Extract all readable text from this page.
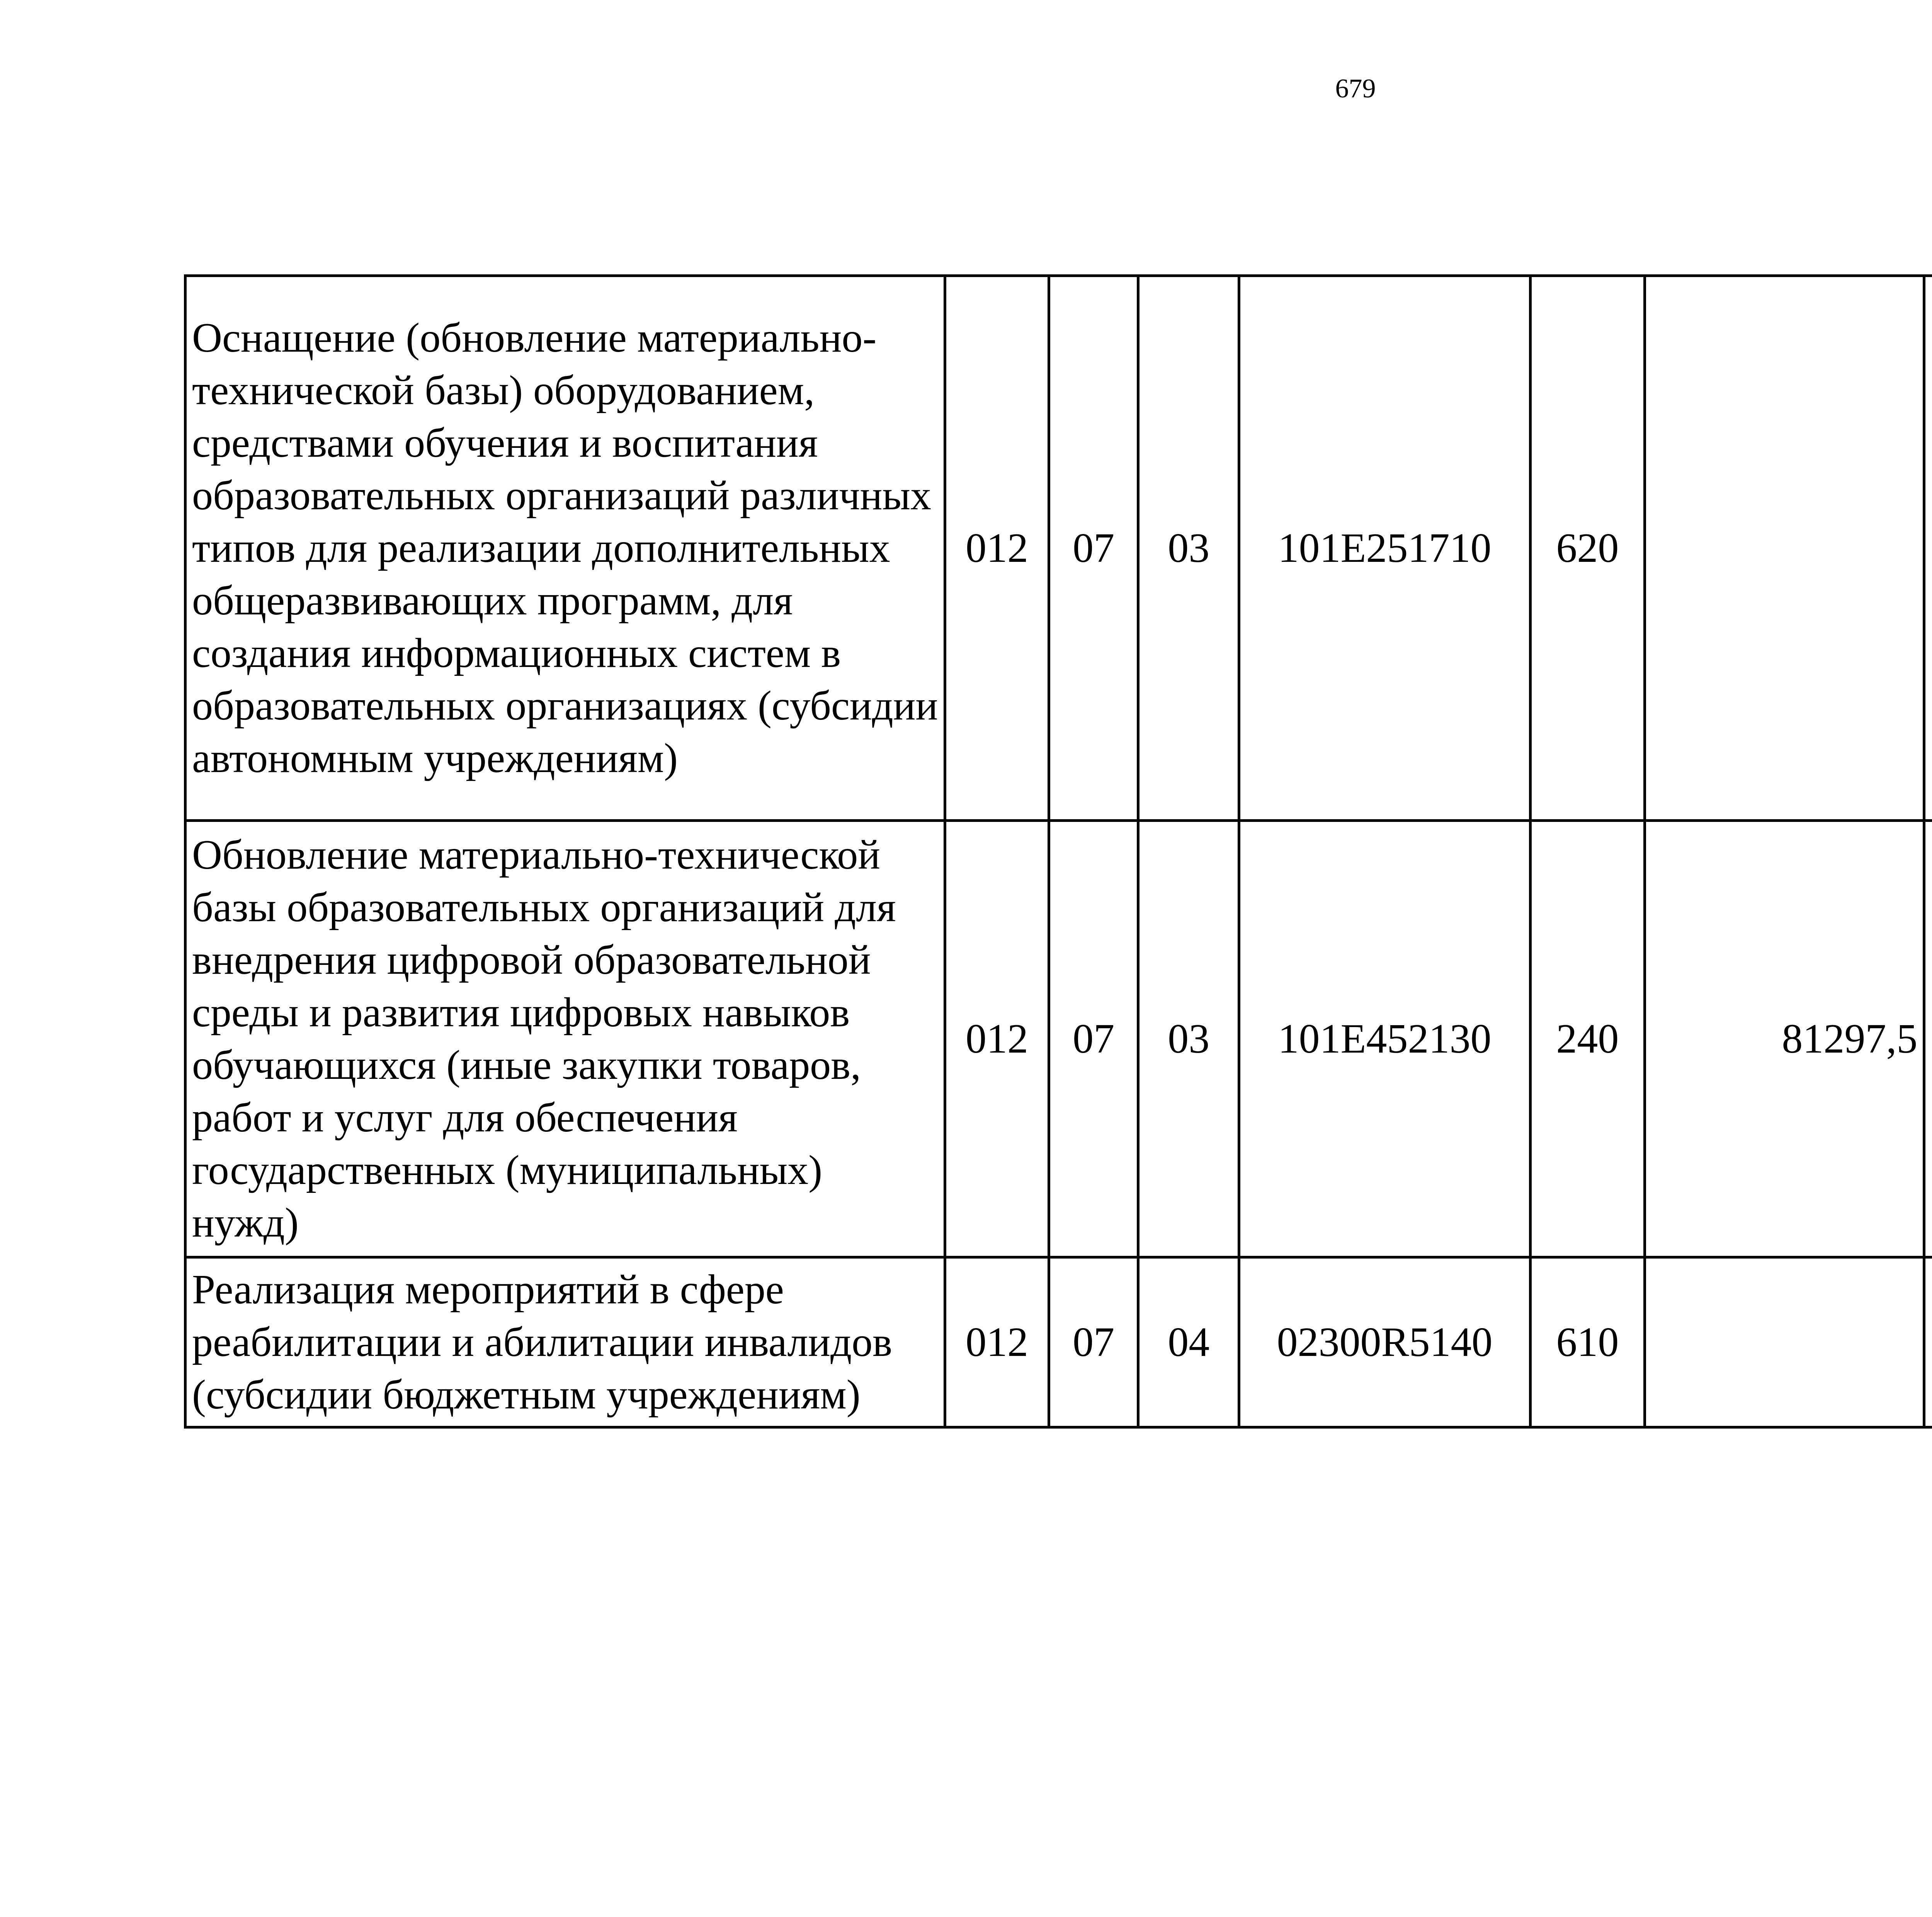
679
Оснащение (обновление материально-технической базы) оборудованием, средствами обучения и воспитания образовательных организаций различных типов для реализации дополнительных общеразвивающих программ, для создания информационных систем в образовательных организациях (субсидии автономным учреждениям)	012	07	03	101E251710	620			
Обновление материально-технической базы образовательных организаций для внедрения цифровой образовательной среды и развития цифровых навыков обучающихся (иные закупки товаров, работ и услуг для обеспечения государственных (муниципальных) нужд)	012	07	03	101E452130	240	81297,5		
Реализация мероприятий в сфере реабилитации и абилитации инвалидов (субсидии бюджетным учреждениям)	012	07	04	02300R5140	610			
